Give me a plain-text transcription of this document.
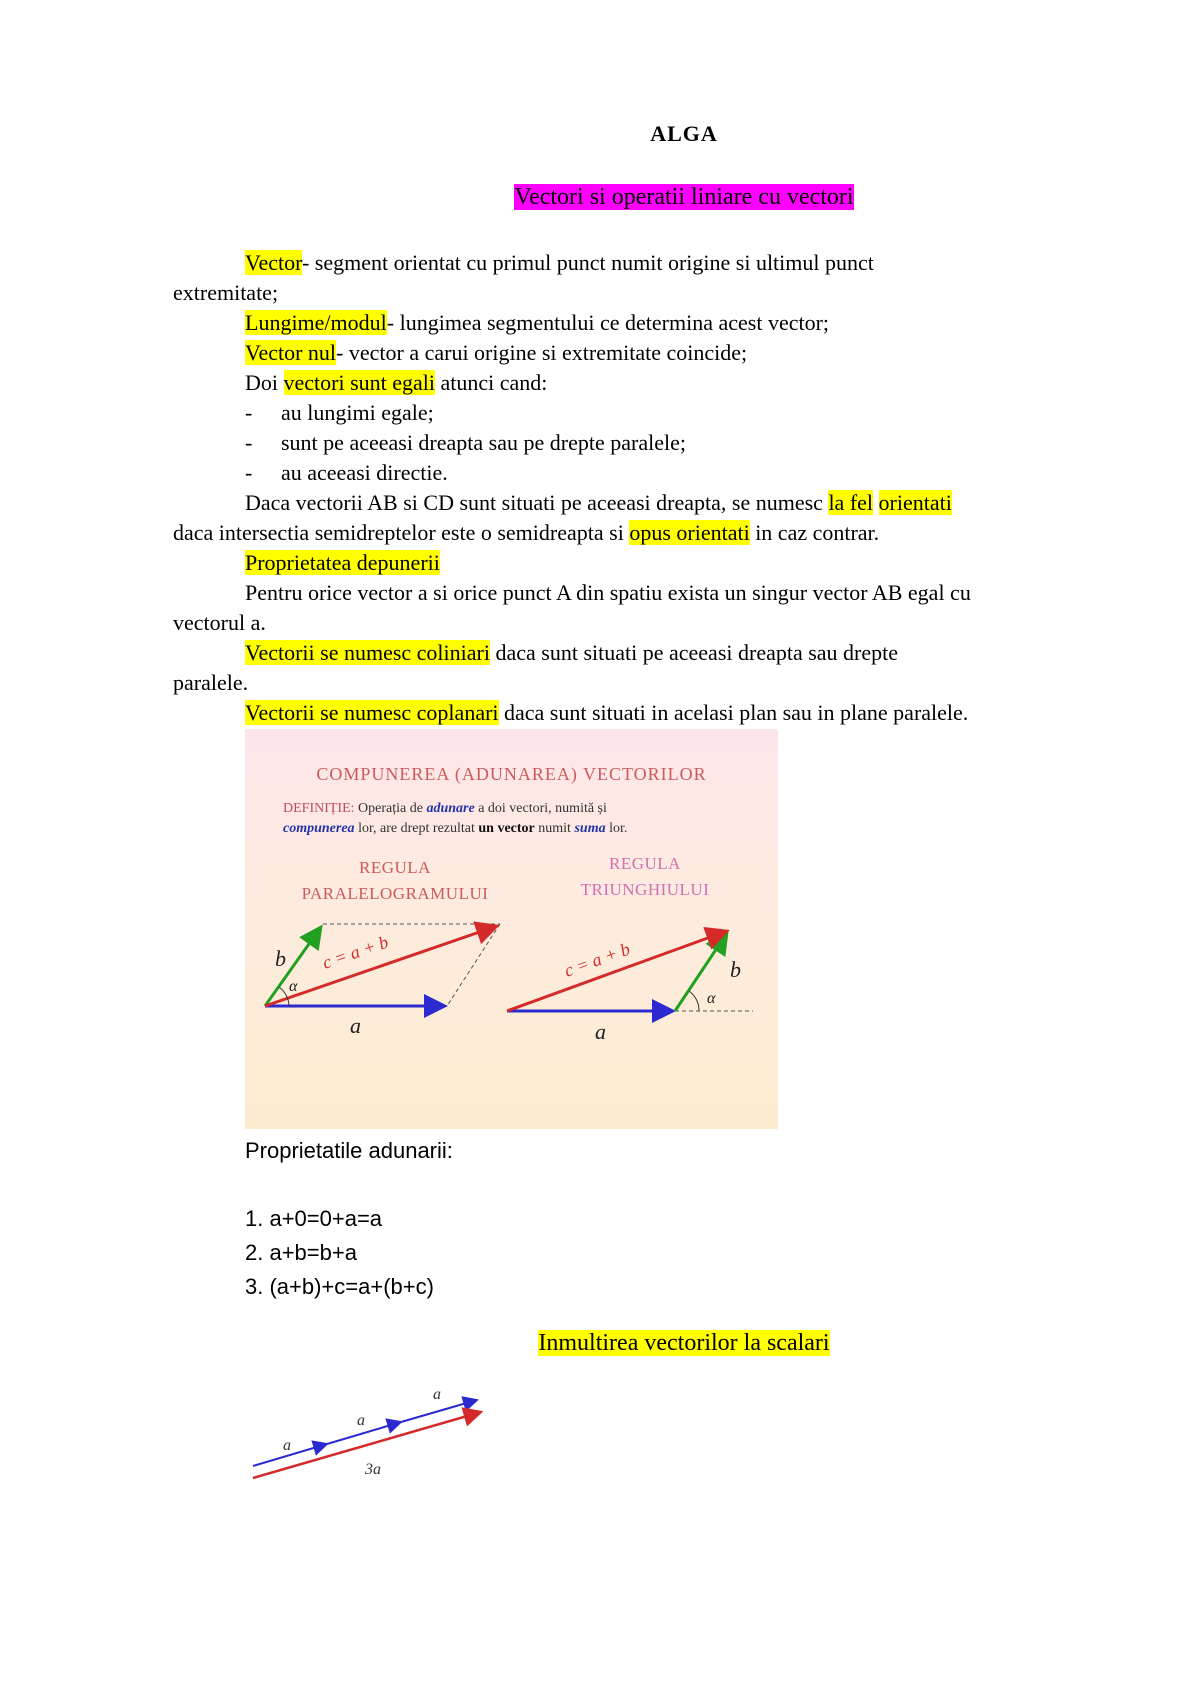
ALGA
Vectori si operatii liniare cu vectori
Vector- segment orientat cu primul punct numit origine si ultimul punct
extremitate;
Lungime/modul- lungimea segmentului ce determina acest vector;
Vector nul- vector a carui origine si extremitate coincide;
Doi vectori sunt egali atunci cand:
- au lungimi egale;
- sunt pe aceeasi dreapta sau pe drepte paralele;
- au aceeasi directie.
Daca vectorii AB si CD sunt situati pe aceeasi dreapta, se numesc la fel orientati
daca intersectia semidreptelor este o semidreapta si opus orientati in caz contrar.
Proprietatea depunerii
Pentru orice vector a si orice punct A din spatiu exista un singur vector AB egal cu
vectorul a.
Vectorii se numesc coliniari daca sunt situati pe aceeasi dreapta sau drepte
paralele.
Vectorii se numesc coplanari daca sunt situati in acelasi plan sau in plane paralele.
COMPUNEREA (ADUNAREA) VECTORILOR
DEFINIȚIE: Operația de adunare a doi vectori, numită și
compunerea lor, are drept rezultat un vector numit suma lor.
REGULA
PARALELOGRAMULUI
REGULA
TRIUNGHIULUI
a
b
α
c = a + b
a
b
α
c = a + b
Proprietatile adunarii:
1. a+0=0+a=a
2. a+b=b+a
3. (a+b)+c=a+(b+c)
Inmultirea vectorilor la scalari
a
a
a
3a
